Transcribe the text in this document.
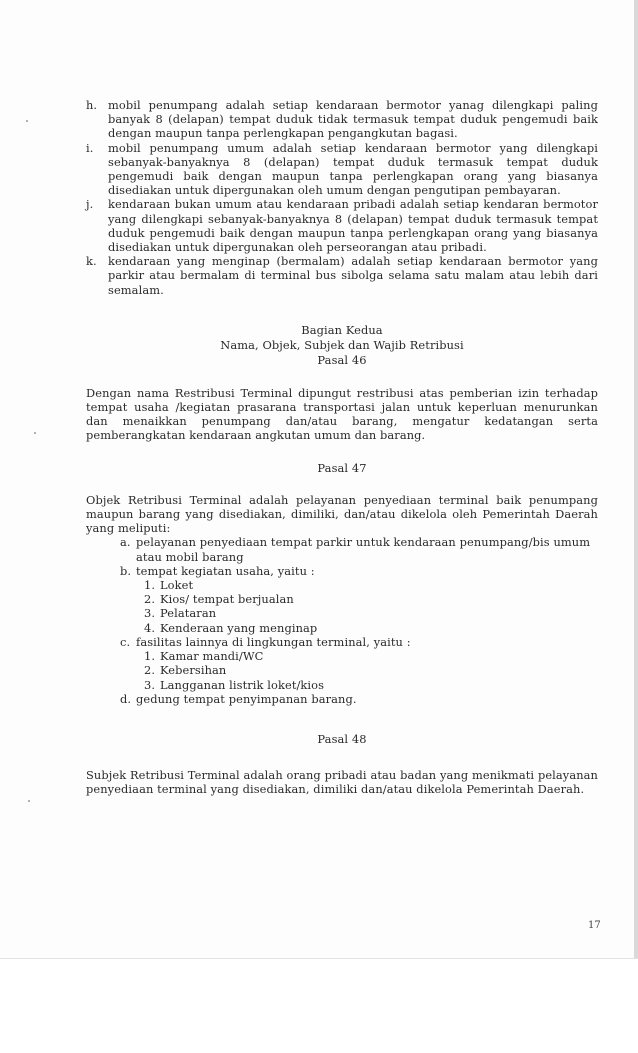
h. mobil penumpang adalah setiap kendaraan bermotor yanag dilengkapi paling banyak 8 (delapan) tempat duduk tidak termasuk tempat duduk pengemudi baik dengan maupun tanpa perlengkapan pengangkutan bagasi.
i.	mobil penumpang umum adalah setiap kendaraan bermotor yang dilengkapi sebanyak-banyaknya 8 (delapan) tempat duduk termasuk tempat duduk pengemudi baik dengan maupun tanpa perlengkapan orang yang biasanya disediakan untuk dipergunakan oleh umum dengan pengutipan pembayaran.
j.	kendaraan bukan umum atau kendaraan pribadi adalah setiap kendaran bermotor yang dilengkapi sebanyak-banyaknya 8 (delapan) tempat duduk termasuk tempat duduk pengemudi baik dengan maupun tanpa perlengkapan orang yang biasanya disediakan untuk dipergunakan oleh perseorangan atau pribadi.
k. kendaraan yang menginap (bermalam) adalah setiap kendaraan bermotor yang parkir atau bermalam di terminal bus sibolga selama satu malam atau lebih dari semalam.
Bagian Kedua
Nama, Objek, Subjek dan Wajib Retribusi
Pasal 46

Dengan nama Restribusi Terminal dipungut restribusi atas pemberian izin terhadap tempat usaha /kegiatan prasarana transportasi jalan untuk keperluan menurunkan dan menaikkan penumpang dan/atau barang, mengatur kedatangan serta pemberangkatan kendaraan angkutan umum dan barang.

Pasal 47

Objek Retribusi Terminal adalah pelayanan penyediaan terminal baik penumpang maupun barang yang disediakan, dimiliki, dan/atau dikelola oleh Pemerintah Daerah yang meliputi:

a. pelayanan penyediaan tempat parkir untuk kendaraan penumpang/bis umum atau mobil barang
b. tempat kegiatan usaha, yaitu :
1. Loket
2. Kios/ tempat berjualan
3. Pelataran
4. Kenderaan yang menginap
c. fasilitas lainnya di lingkungan terminal, yaitu :
1. Kamar mandi/WC
2. Kebersihan
3. Langganan listrik loket/kios
d. gedung tempat penyimpanan barang.
Pasal 48

Subjek Retribusi Terminal adalah orang pribadi atau badan yang menikmati pelayanan penyediaan terminal yang disediakan, dimiliki dan/atau dikelola Pemerintah Daerah.

17
